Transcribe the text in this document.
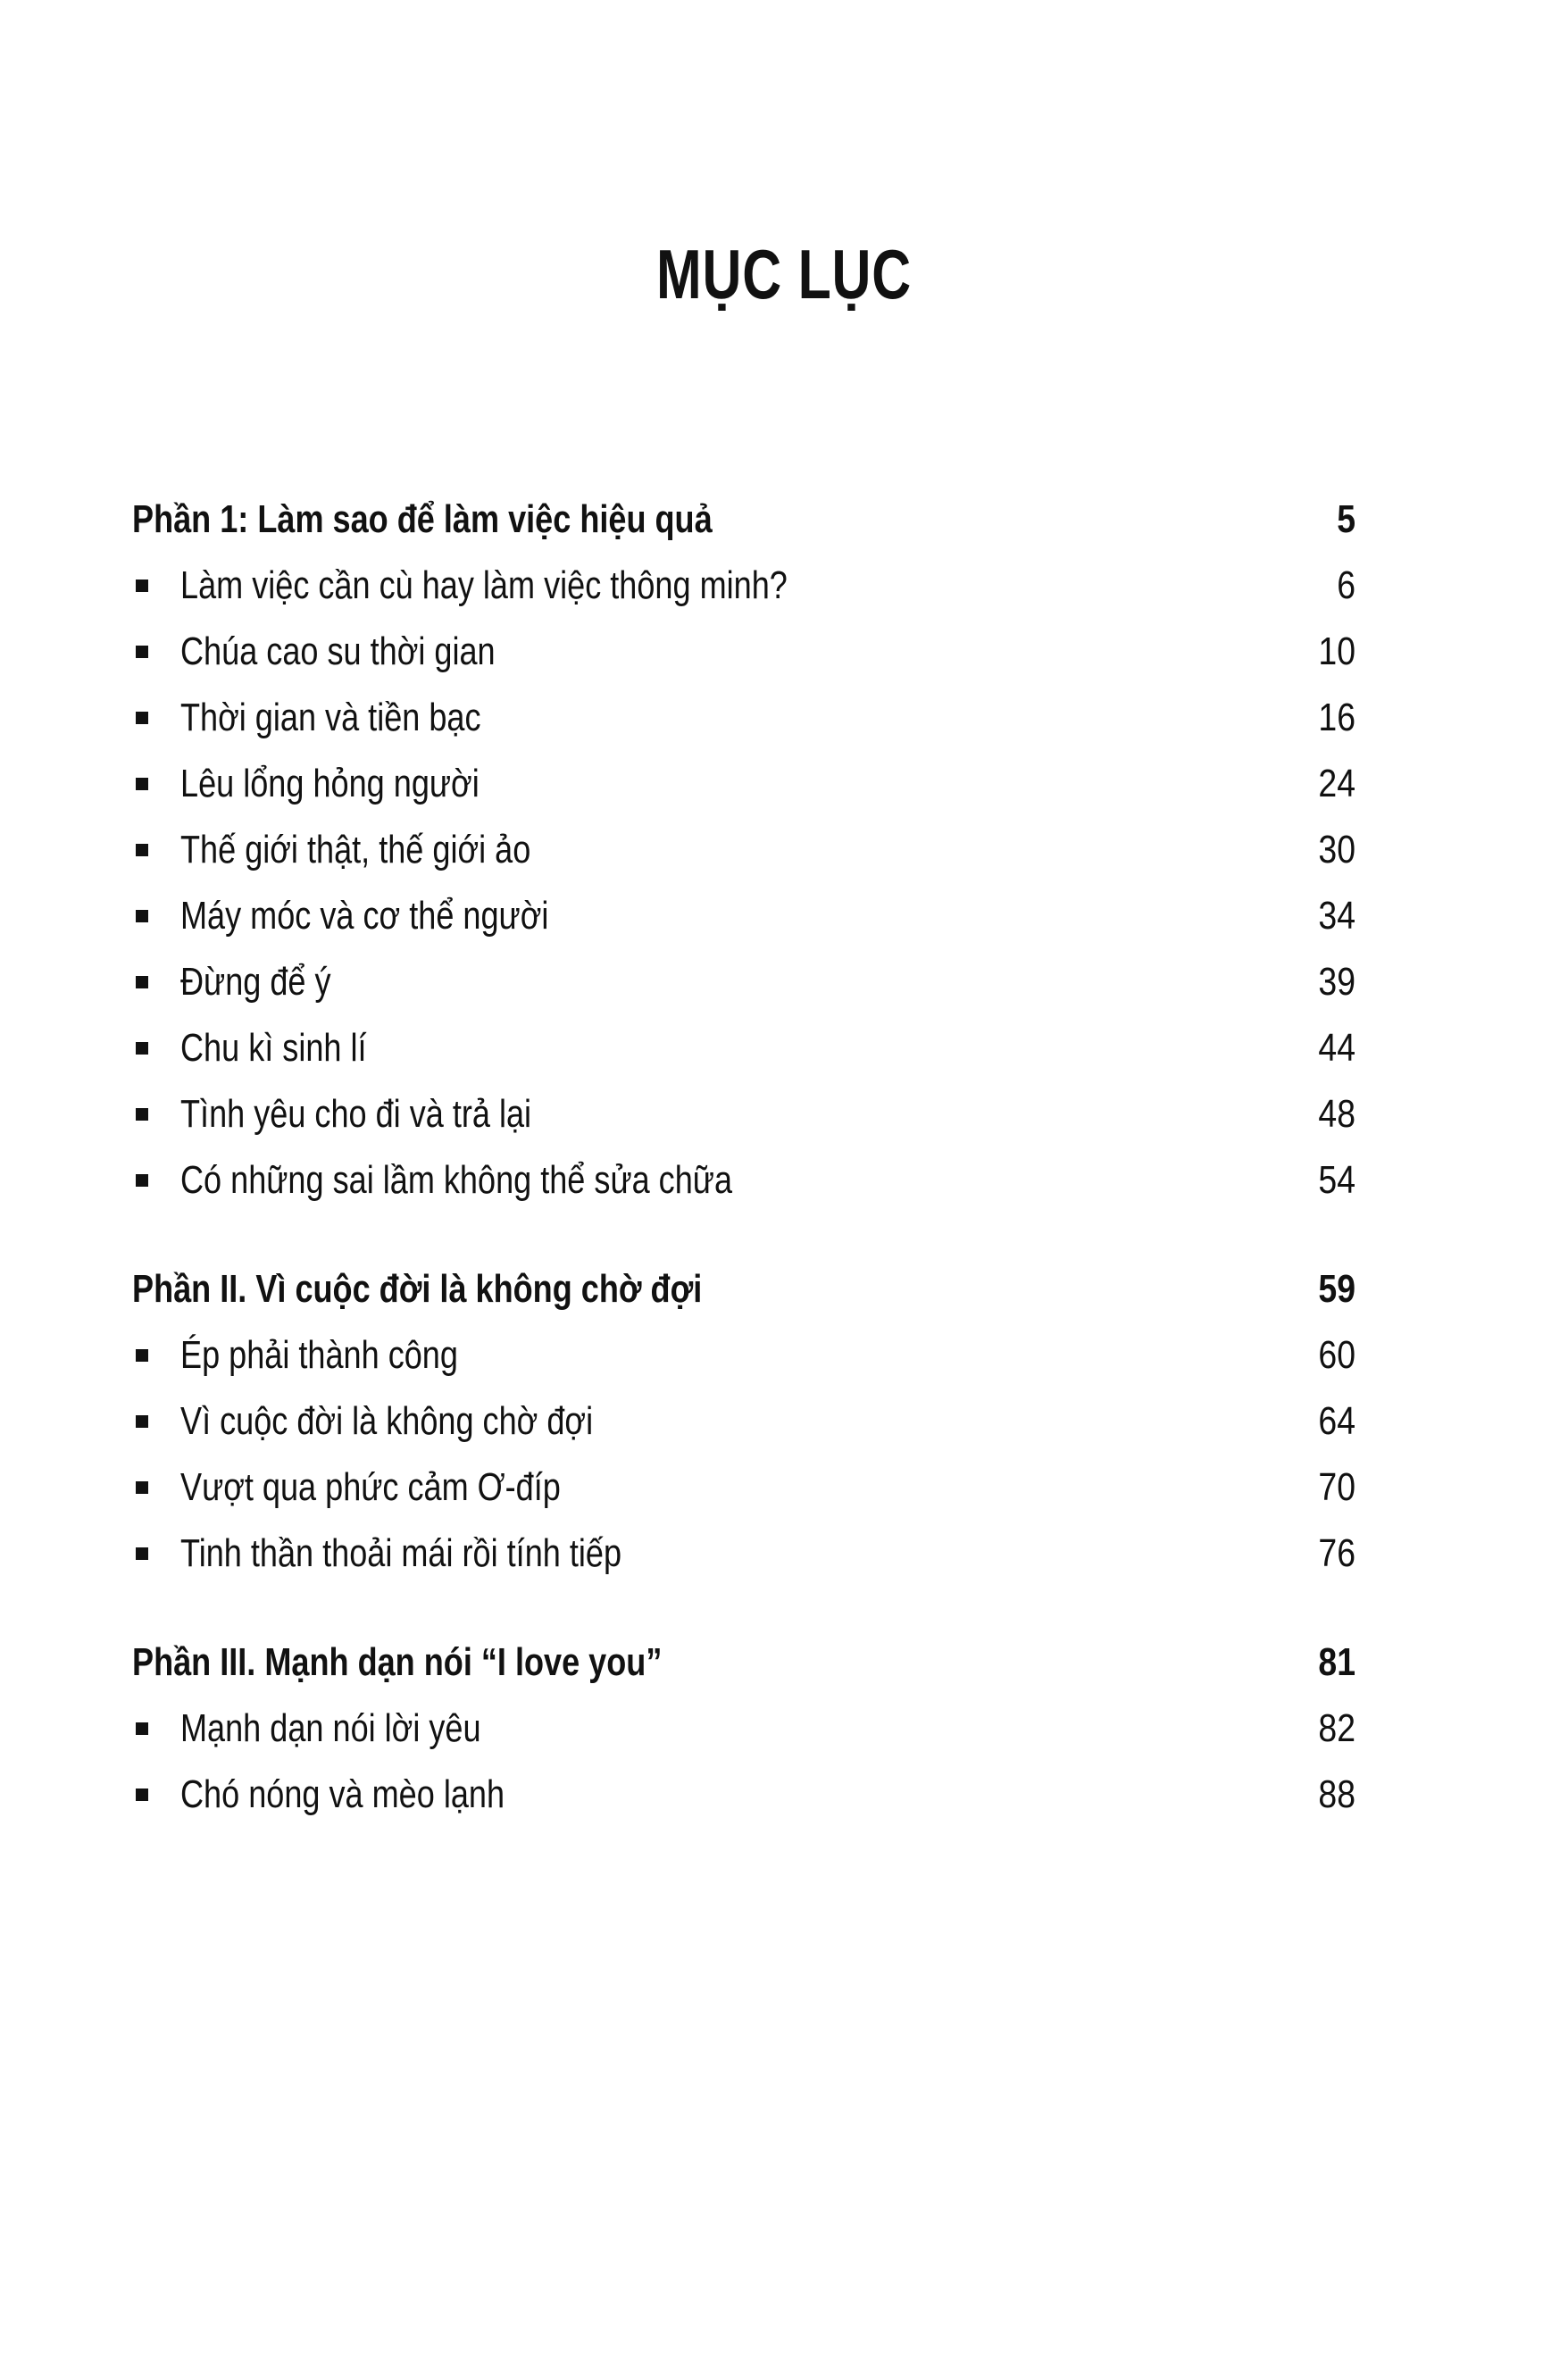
MỤC LỤC
Phần 1: Làm sao để làm việc hiệu quả	5
Làm việc cần cù hay làm việc thông minh?	6
Chúa cao su thời gian	10
Thời gian và tiền bạc	16
Lêu lổng hỏng người	24
Thế giới thật, thế giới ảo	30
Máy móc và cơ thể người	34
Đừng để ý	39
Chu kì sinh lí	44
Tình yêu cho đi và trả lại	48
Có những sai lầm không thể sửa chữa	54
Phần II. Vì cuộc đời là không chờ đợi	59
Ép phải thành công	60
Vì cuộc đời là không chờ đợi	64
Vượt qua phức cảm Ơ-đíp	70
Tinh thần thoải mái rồi tính tiếp	76
Phần III. Mạnh dạn nói “I love you”	81
Mạnh dạn nói lời yêu	82
Chó nóng và mèo lạnh	88
